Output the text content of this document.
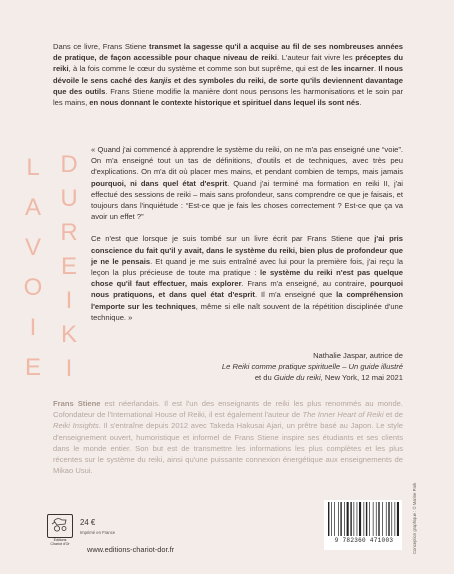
Dans ce livre, Frans Stiene transmet la sagesse qu'il a acquise au fil de ses nombreuses années de pratique, de façon accessible pour chaque niveau de reiki. L'auteur fait vivre les préceptes du reiki, à la fois comme le cœur du système et comme son but suprême, qui est de les incarner. Il nous dévoile le sens caché des kanjis et des symboles du reiki, de sorte qu'ils deviennent davantage que des outils. Frans Stiene modifie la manière dont nous pensons les harmonisations et le soin par les mains, en nous donnant le contexte historique et spirituel dans lequel ils sont nés.

L
A
V
O
I
E
D
U
R
E
I
K
I

« Quand j'ai commencé à apprendre le système du reiki, on ne m'a pas enseigné une “voie”. On m'a enseigné tout un tas de définitions, d'outils et de techniques, avec très peu d'explications. On m'a dit où placer mes mains, et pendant combien de temps, mais jamais pourquoi, ni dans quel état d'esprit. Quand j'ai terminé ma formation en reiki II, j'ai effectué des sessions de reiki – mais sans profondeur, sans comprendre ce que je faisais, et toujours dans l'inquiétude : “Est-ce que je fais les choses correctement ? Est-ce que ça va avoir un effet ?”

Ce n'est que lorsque je suis tombé sur un livre écrit par Frans Stiene que j'ai pris conscience du fait qu'il y avait, dans le système du reiki, bien plus de profondeur que je ne le pensais. Et quand je me suis entraîné avec lui pour la première fois, j'ai reçu la leçon la plus précieuse de toute ma pratique : le système du reiki n'est pas quelque chose qu'il faut effectuer, mais explorer. Frans m'a enseigné, au contraire, pourquoi nous pratiquons, et dans quel état d'esprit. Il m'a enseigné que la compréhension l'emporte sur les techniques, même si elle naît souvent de la répétition disciplinée d'une technique. »

Nathalie Jaspar, autrice de

Le Reiki comme pratique spirituelle – Un guide illustré

et du Guide du reiki, New York, 12 mai 2021

Frans Stiene est néerlandais. Il est l'un des enseignants de reiki les plus renommés au monde. Cofondateur de l'International House of Reiki, il est également l'auteur de The Inner Heart of Reiki et de Reiki Insights. Il s'entraîne depuis 2012 avec Takeda Hakusai Ajari, un prêtre basé au Japon. Le style d'enseignement ouvert, humoristique et informel de Frans Stiene inspire ses étudiants et ses clients dans le monde entier. Son but est de transmettre les informations les plus complètes et les plus récentes sur le système du reiki, ainsi qu'une puissante connexion énergétique aux enseignements de Mikao Usui.

Éditions Chariot d'Or
24 €
Imprimé en France
www.editions-chariot-dor.fr
9 782360 471003	Conception graphique : © Marine Park
